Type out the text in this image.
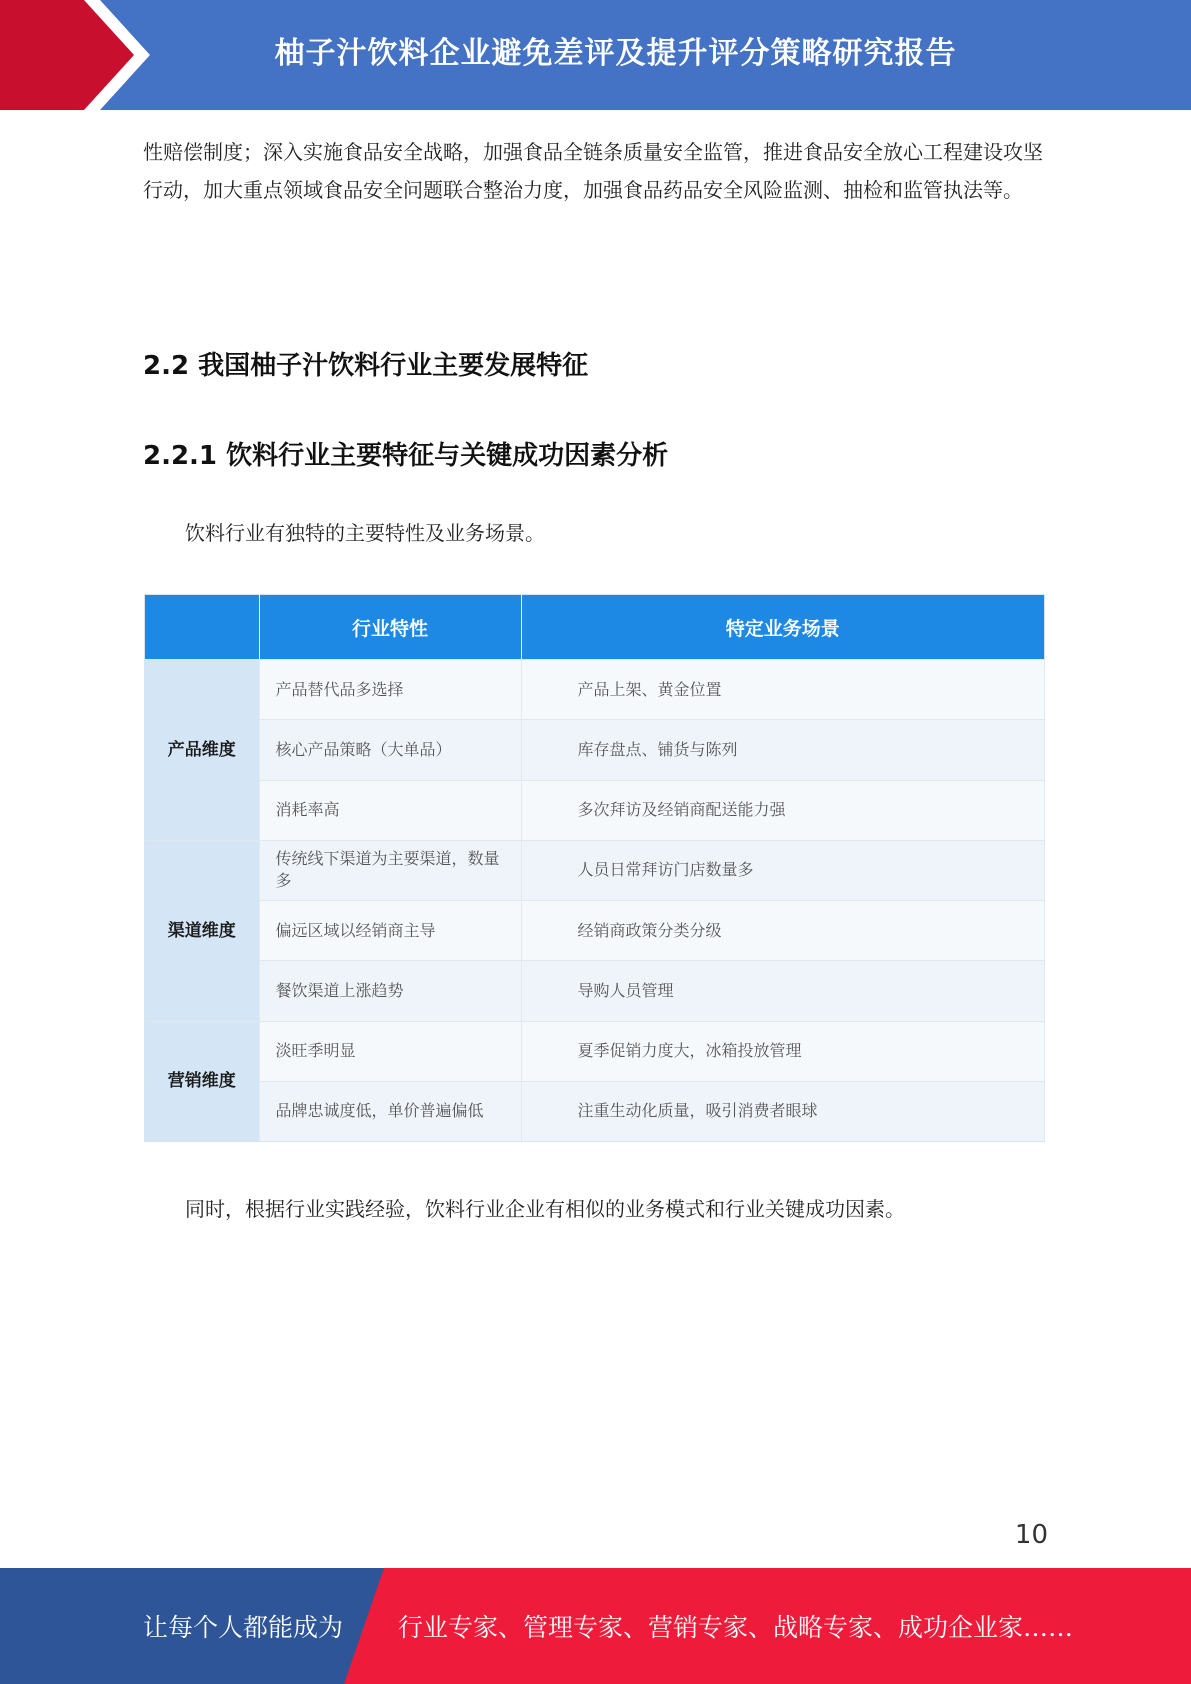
柚子汁饮料企业避免差评及提升评分策略研究报告
性赔偿制度；深入实施食品安全战略，加强食品全链条质量安全监管，推进食品安全放心工程建设攻坚行动，加大重点领域食品安全问题联合整治力度，加强食品药品安全风险监测、抽检和监管执法等。
2.2 我国柚子汁饮料行业主要发展特征
2.2.1 饮料行业主要特征与关键成功因素分析
饮料行业有独特的主要特性及业务场景。
	行业特性	特定业务场景
产品维度	产品替代品多选择	产品上架、黄金位置
	核心产品策略（大单品）	库存盘点、铺货与陈列
	消耗率高	多次拜访及经销商配送能力强
渠道维度	传统线下渠道为主要渠道，数量多	人员日常拜访门店数量多
	偏远区域以经销商主导	经销商政策分类分级
	餐饮渠道上涨趋势	导购人员管理
营销维度	淡旺季明显	夏季促销力度大，冰箱投放管理
	品牌忠诚度低，单价普遍偏低	注重生动化质量，吸引消费者眼球
同时，根据行业实践经验，饮料行业企业有相似的业务模式和行业关键成功因素。
10
让每个人都能成为 行业专家、管理专家、营销专家、战略专家、成功企业家……
